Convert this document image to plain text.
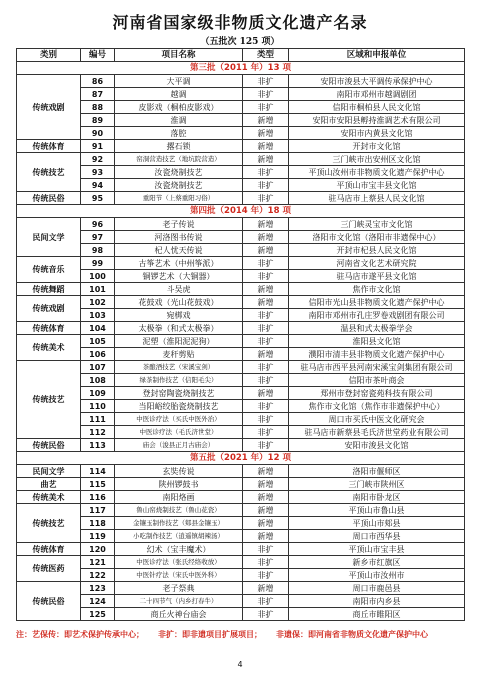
河南省国家级非物质文化遗产名录
（五批次 125 项）
类别	编号	项目名称	类型	区域和申报单位
第三批（2011 年）13 项				
传统戏剧	86	大平调	非扩	安阳市浚县大平调传承保护中心
	87	越调	非扩	南阳市邓州市越调剧团
	88	皮影戏（桐柏皮影戏）	非扩	信阳市桐柏县人民文化馆
	89	淮调	新增	安阳市安阳县孵持淮调艺术有限公司
	90	落腔	新增	安阳市内黄县文化馆
传统体育	91	撂石锁	新增	开封市文化馆
传统技艺	92	窑洞营造技艺（地坑院营造）	新增	三门峡市出安州区文化馆
	93	汝瓷烧制技艺	非扩	平顶山汝州市非物质文化遗产保护中心
	94	汝瓷烧制技艺	非扩	平顶山市宝丰县文化馆
传统民俗	95	重阳节（上蔡重阳习俗）	非扩	驻马店市上蔡县人民文化馆
第四批（2014 年）18 项				
民间文学	96	老子传说	新增	三门峡灵宝市文化馆
	97	河洛图书传说	新增	洛阳市文化馆（洛阳市非遗保中心）
	98	杞人忧天传说	新增	开封市杞县人民文化馆
传统音乐	99	古筝艺术（中州筝派）	非扩	河南省文化艺术研究院
	100	铜锣艺术（大铜器）	非扩	驻马店市遂平县文化馆
传统舞蹈	101	斗吴虎	新增	焦作市文化馆
传统戏剧	102	花鼓戏（光山花鼓戏）	新增	信阳市光山县非物质文化遗产保护中心
	103	宛梆戏	非扩	南阳市邓州市孔庄罗卷戏剧团有限公司
传统体育	104	太极拳（和式太极拳）	非扩	温县和式太极拳学会
传统美术	105	泥塑（淮阳泥泥狗）	非扩	淮阳县文化馆
	106	麦秆剪贴	新增	濮阳市清丰县非物质文化遗产保护中心
传统技艺	107	茶酿酒技艺（宋溪宝剑）	非扩	驻马店市西平县河南宋溪宝剑集团有限公司
	108	绿茶制作技艺（信阳毛尖）	非扩	信阳市茶叶商会
	109	登封窑陶瓷烧制技艺	新增	郑州市登封窑瓷苑科技有限公司
	110	当阳峪绞胎瓷烧制技艺	非扩	焦作市文化馆（焦作市非遗保护中心）
	111	中医诊疗法（买氏中医外治）	非扩	周口市买氏中医文化研究会
	112	中医诊疗法（毛氏济世堂）	非扩	驻马店市新蔡县毛氏济世堂药业有限公司
传统民俗	113	庙会（浚县正月古庙会）	非扩	安阳市浚县文化馆
第五批（2021 年）12 项				
民间文学	114	玄奘传说	新增	洛阳市偃师区
曲艺	115	陕州锣鼓书	新增	三门峡市陕州区
传统美术	116	南阳烙画	新增	南阳市卧龙区
传统技艺	117	鲁山窑烧制技艺（鲁山花瓷）	新增	平顶山市鲁山县
	118	金镶玉制作技艺（郏县金镶玉）	新增	平顶山市郏县
	119	小吃制作技艺（逍遥镇胡辣汤）	新增	周口市西华县
传统体育	120	幻术（宝丰魔术）	非扩	平顶山市宝丰县
传统医药	121	中医诊疗法（张氏经络收放）	非扩	新乡市红旗区
	122	中医针疗法（宋氏中医外科）	非扩	平顶山市汝州市
传统民俗	123	老子祭典	新增	周口市鹿邑县
	124	二十四节气（内乡打春牛）	非扩	南阳市内乡县
	125	商丘火神台庙会	非扩	商丘市睢阳区
注：艺保传：即艺术保护传承中心； 非扩：即非遗项目扩展项目； 非遗保：即河南省非物质文化遗产保护中心
4
